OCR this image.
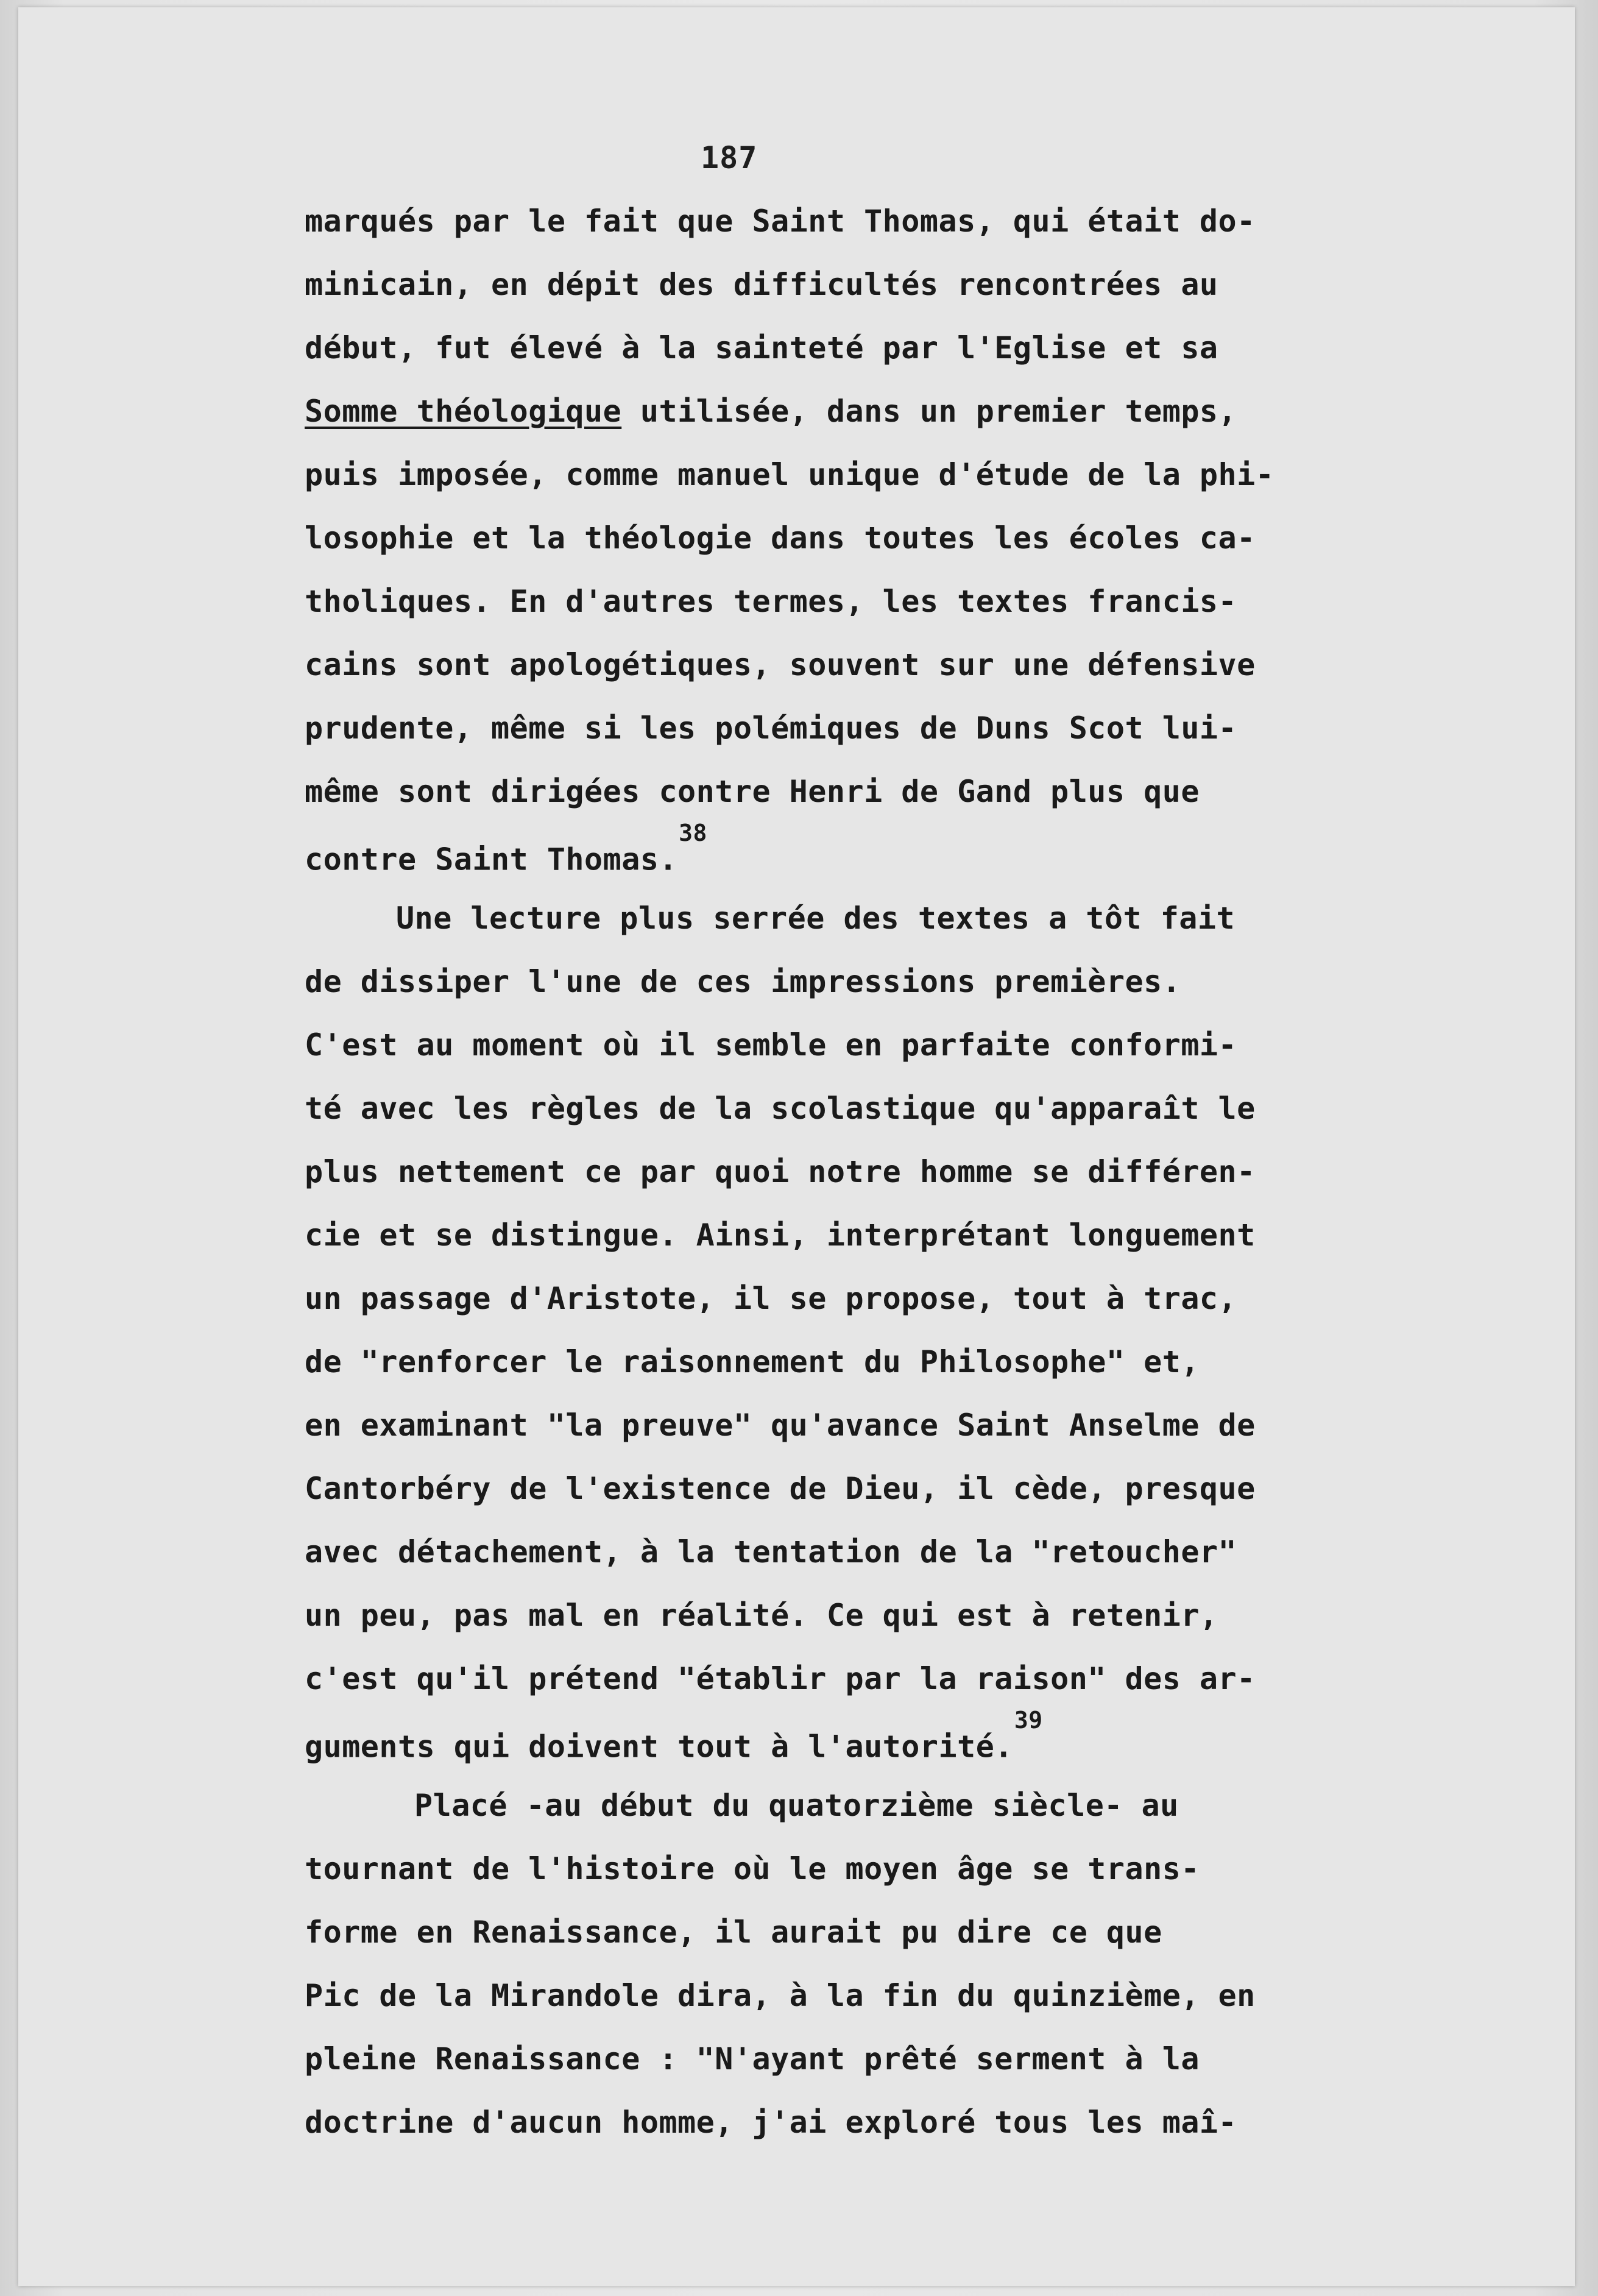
187
marqués par le fait que Saint Thomas, qui était do-
minicain, en dépit des difficultés rencontrées au
début, fut élevé à la sainteté par l'Eglise et sa
Somme théologique utilisée, dans un premier temps,
puis imposée, comme manuel unique d'étude de la phi-
losophie et la théologie dans toutes les écoles ca-
tholiques. En d'autres termes, les textes francis-
cains sont apologétiques, souvent sur une défensive
prudente, même si les polémiques de Duns Scot lui-
même sont dirigées contre Henri de Gand plus que
contre Saint Thomas.$^{38}$
Une lecture plus serrée des textes a tôt fait
de dissiper l'une de ces impressions premières.
C'est au moment où il semble en parfaite conformi-
té avec les règles de la scolastique qu'apparaît le
plus nettement ce par quoi notre homme se différen-
cie et se distingue. Ainsi, interprétant longuement
un passage d'Aristote, il se propose, tout à trac,
de "renforcer le raisonnement du Philosophe" et,
en examinant "la preuve" qu'avance Saint Anselme de
Cantorbéry de l'existence de Dieu, il cède, presque
avec détachement, à la tentation de la "retoucher"
un peu, pas mal en réalité. Ce qui est à retenir,
c'est qu'il prétend "établir par la raison" des ar-
guments qui doivent tout à l'autorité.$^{39}$
Placé -au début du quatorzième siècle- au
tournant de l'histoire où le moyen âge se trans-
forme en Renaissance, il aurait pu dire ce que
Pic de la Mirandole dira, à la fin du quinzième, en
pleine Renaissance : "N'ayant prêté serment à la
doctrine d'aucun homme, j'ai exploré tous les maî-
